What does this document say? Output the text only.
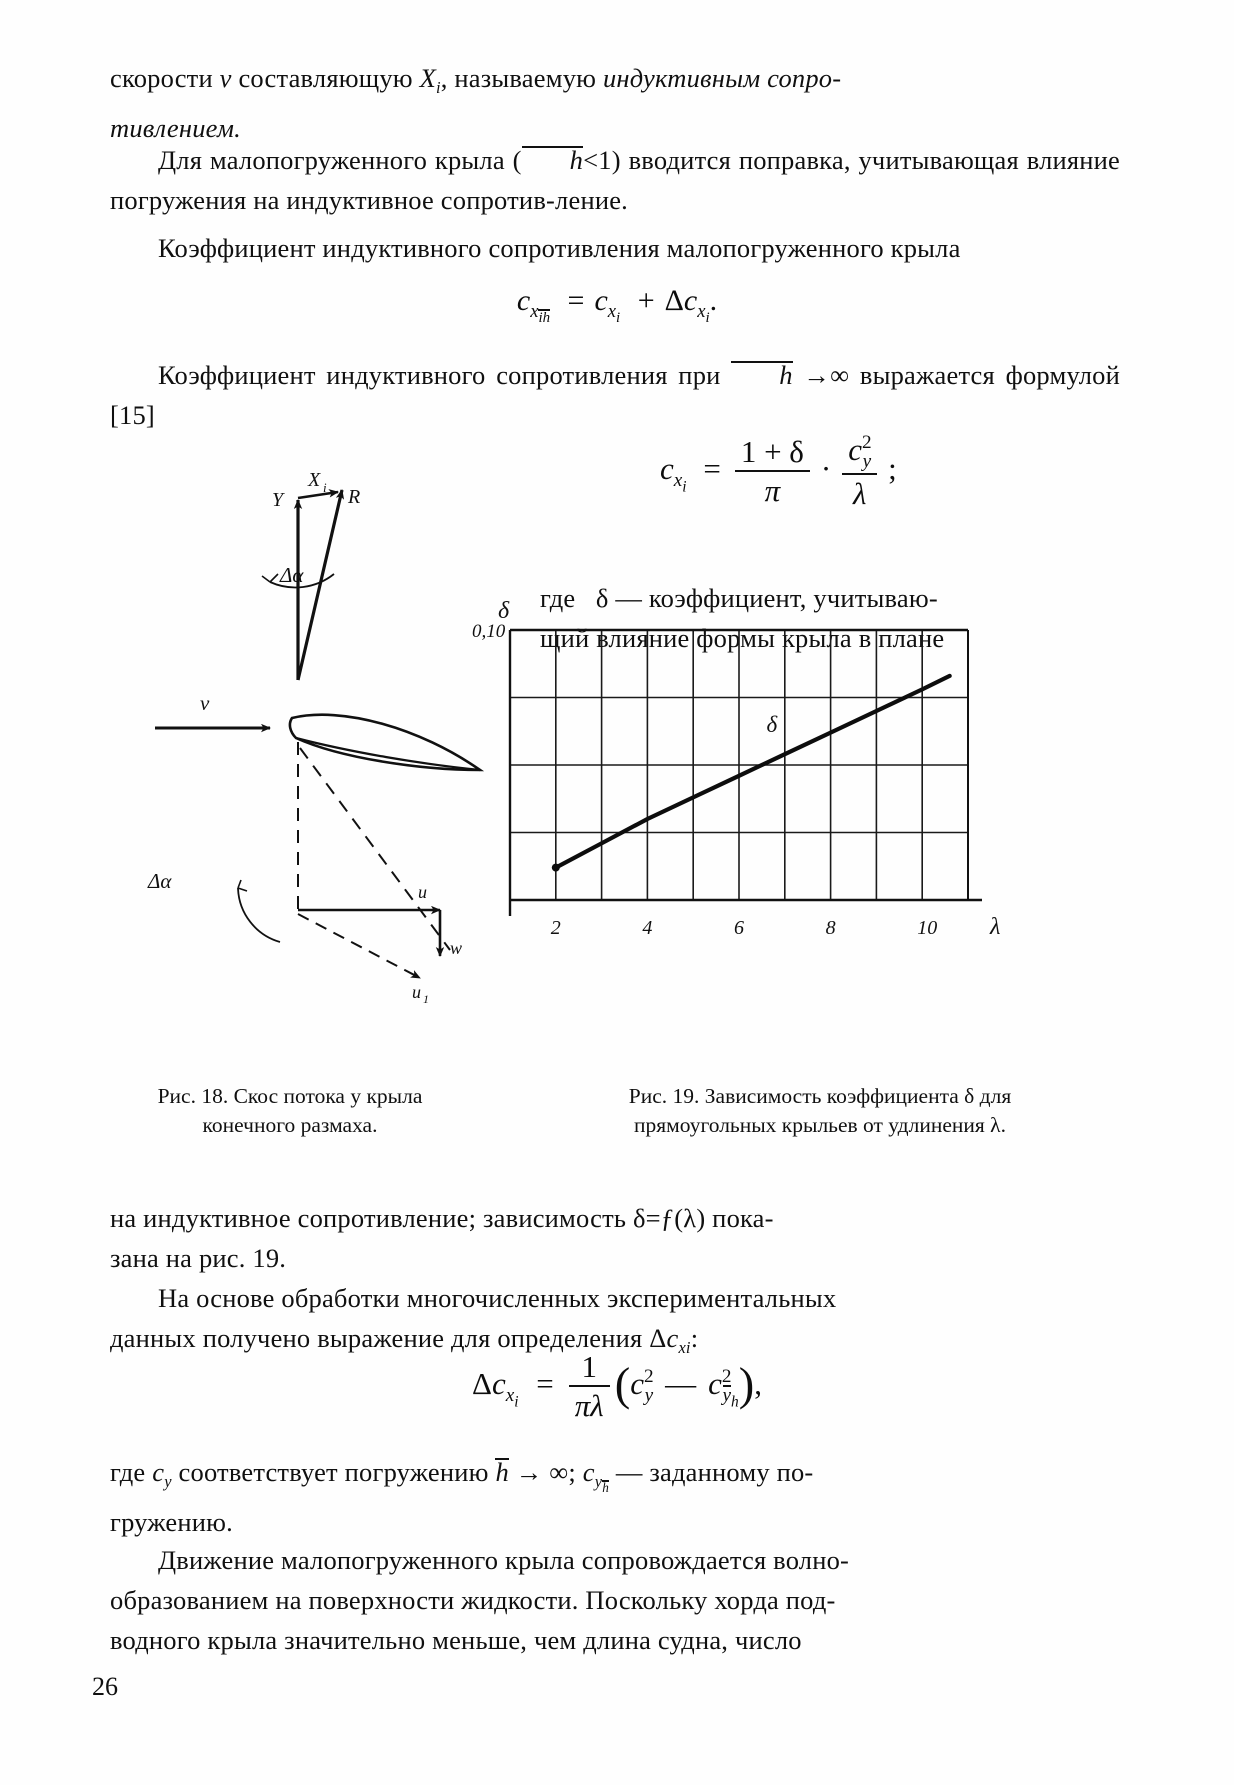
скорости v составляющую $X_i$, называемую индуктивным сопро-
тивлением.
Для малопогруженного крыла ( h<1) вводится поправка, учитывающая влияние погружения на индуктивное сопротив-ление.
Коэффициент индуктивного сопротивления малопогруженного крыла
$c_{xih} = c_{x_i} + \Delta c_{x_i}$.
Коэффициент индуктивного сопротивления при h →∞ выражается формулой [15]
$c_{x_i} = \frac{1 + \delta}{\pi} \cdot \frac{c^2_y}{\lambda}$ ;
где δ — коэффициент, учитываю-
щий влияние формы крыла в плане
X i
Y	R
Δα
v
Δα	u
w
u 1
2	4	6	8	10
0,10
δ
λ
δ
Рис. 18. Скос потока у крыла
конечного размаха.
Рис. 19. Зависимость коэффициента δ для
прямоугольных крыльев от удлинения λ.
на индуктивное сопротивление; зависимость δ=ƒ(λ) пока-
зана на рис. 19.
На основе обработки многочисленных экспериментальных
данных получено выражение для определения $\Delta c_{xi}$:
$\Delta c_{x_i} = \frac{1}{\pi\lambda} (c^2_y$ — $c^2_{y_h}$),
где $c_y$ соответствует погружению h → ∞; $c_{yh}$ — заданному по-
гружению.
Движение малопогруженного крыла сопровождается волно-
образованием на поверхности жидкости. Поскольку хорда под-
водного крыла значительно меньше, чем длина судна, число
26
